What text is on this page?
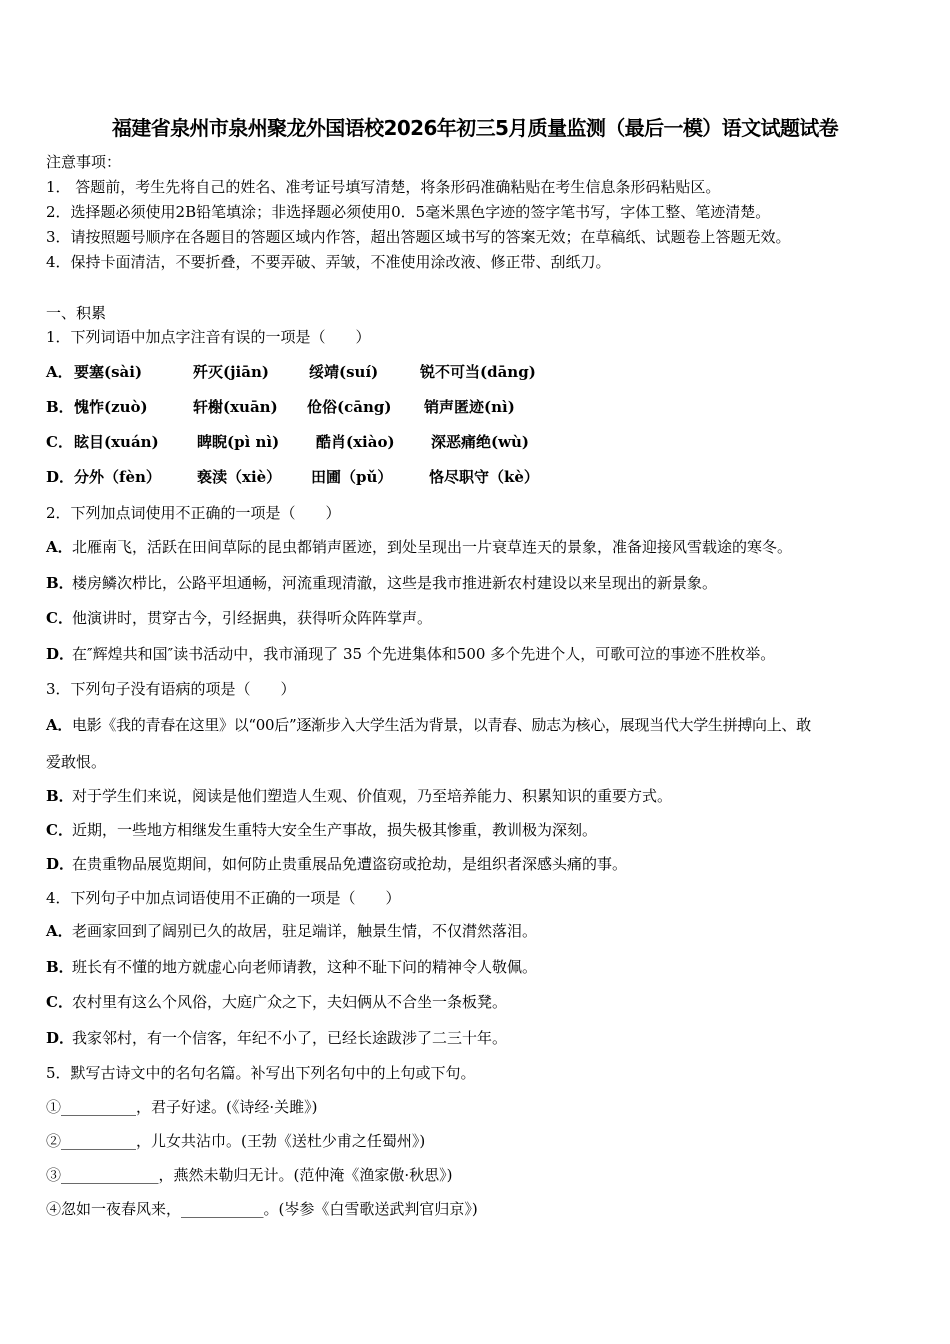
福建省泉州市泉州聚龙外国语校2026年初三5月质量监测（最后一模）语文试题试卷
注意事项：
1． 答题前，考生先将自己的姓名、准考证号填写清楚，将条形码准确粘贴在考生信息条形码粘贴区。
2．选择题必须使用2B铅笔填涂；非选择题必须使用0．5毫米黑色字迹的签字笔书写，字体工整、笔迹清楚。
3．请按照题号顺序在各题目的答题区域内作答，超出答题区域书写的答案无效；在草稿纸、试题卷上答题无效。
4．保持卡面清洁，不要折叠，不要弄破、弄皱，不准使用涂改液、修正带、刮纸刀。
一、积累
1．下列词语中加点字注音有误的一项是（　　）
A． 要塞(sài)	歼灭(jiān)	绥靖(suí)	锐不可当(dāng)
B． 愧怍(zuò)	轩榭(xuān) 伧俗(cāng) 销声匿迹(nì)
C． 眩目(xuán)	睥睨(pì nì) 酷肖(xiào) 深恶痛绝(wù)
D． 分外（fèn） 亵渎（xiè） 田圃（pǔ） 恪尽职守（kè）
2．下列加点词使用不正确的一项是（　　）
A．北雁南飞，活跃在田间草际的昆虫都销声匿迹，到处呈现出一片衰草连天的景象，准备迎接风雪载途的寒冬。
B．楼房鳞次栉比，公路平坦通畅，河流重现清澈，这些是我市推进新农村建设以来呈现出的新景象。
C．他演讲时，贯穿古今，引经据典，获得听众阵阵掌声。
D．在″辉煌共和国″读书活动中，我市涌现了 35 个先进集体和500 多个先进个人，可歌可泣的事迹不胜枚举。
3．下列句子没有语病的项是（　　）
A．电影《我的青春在这里》以“00后”逐渐步入大学生活为背景，以青春、励志为核心，展现当代大学生拼搏向上、敢
爱敢恨。
B．对于学生们来说，阅读是他们塑造人生观、价值观，乃至培养能力、积累知识的重要方式。
C．近期，一些地方相继发生重特大安全生产事故，损失极其惨重，教训极为深刻。
D．在贵重物品展览期间，如何防止贵重展品免遭盗窃或抢劫，是组织者深感头痛的事。
4．下列句子中加点词语使用不正确的一项是（　　）
A．老画家回到了阔别已久的故居，驻足端详，触景生情，不仅潸然落泪。
B．班长有不懂的地方就虚心向老师请教，这种不耻下问的精神令人敬佩。
C．农村里有这么个风俗，大庭广众之下，夫妇俩从不合坐一条板凳。
D．我家邻村，有一个信客，年纪不小了，已经长途跋涉了二三十年。
5．默写古诗文中的名句名篇。补写出下列名句中的上句或下句。
①__________，君子好逑。(《诗经·关雎》)
②__________，儿女共沾巾。(王勃《送杜少甫之任蜀州》)
③_____________，燕然未勒归无计。(范仲淹《渔家傲·秋思》)
④忽如一夜春风来，___________。(岑参《白雪歌送武判官归京》)
